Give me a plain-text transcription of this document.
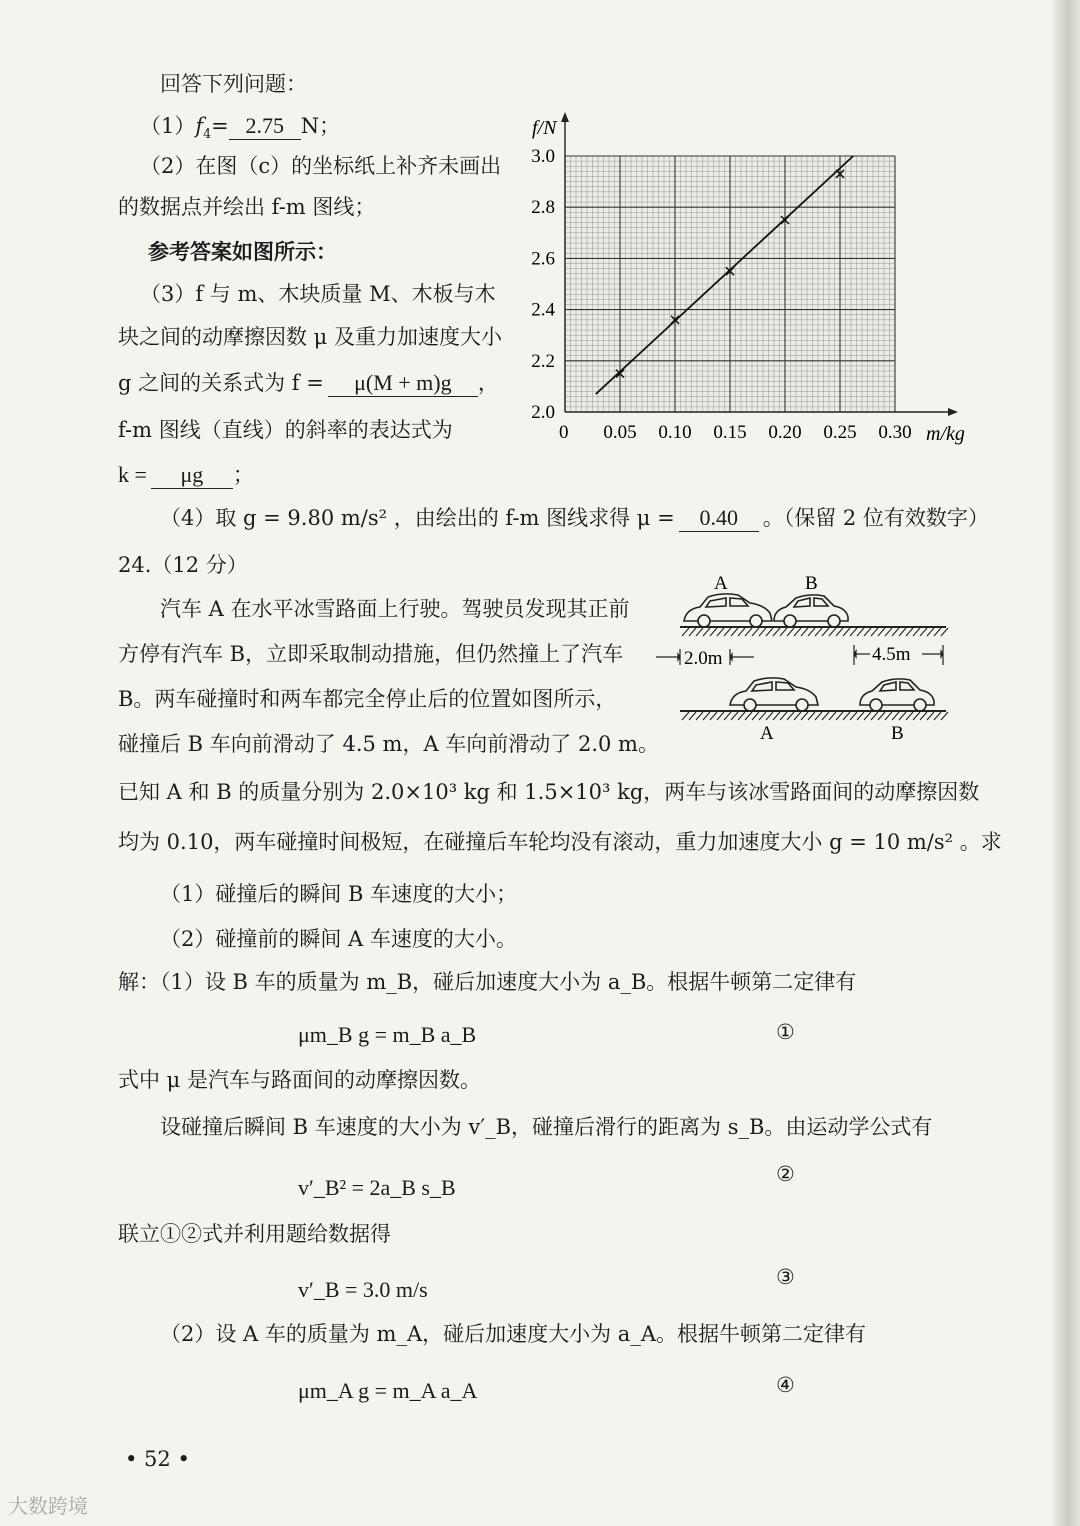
回答下列问题：
$(1)f_4= 2.75$ N；
（2）在图（c）的坐标纸上补齐未画出
的数据点并绘出 f-m 图线；
参考答案如图所示：
（3）f 与 m、木块质量 M、木板与木
块之间的动摩擦因数 μ 及重力加速度大小
g 之间的关系式为 f = μ(M + m)g ，
f-m 图线（直线）的斜率的表达式为
k = μg ；
（4）取 g = 9.80 m/s² ，由绘出的 f-m 图线求得 μ = 0.40 。（保留 2 位有效数字）
0 0.05 0.10 0.15 0.20 0.25 0.30
2.0
2.2
2.4
2.6
2.8
3.0
f/N
m/kg
24.（12 分）
汽车 A 在水平冰雪路面上行驶。驾驶员发现其正前
方停有汽车 B，立即采取制动措施，但仍然撞上了汽车
B。两车碰撞时和两车都完全停止后的位置如图所示，
碰撞后 B 车向前滑动了 4.5 m，A 车向前滑动了 2.0 m。
A	B
2.0m	4.5m
A	B
已知 A 和 B 的质量分别为 2.0×10³ kg 和 1.5×10³ kg，两车与该冰雪路面间的动摩擦因数
均为 0.10，两车碰撞时间极短，在碰撞后车轮均没有滚动，重力加速度大小 g = 10 m/s² 。求
（1）碰撞后的瞬间 B 车速度的大小；
（2）碰撞前的瞬间 A 车速度的大小。
解：（1）设 B 车的质量为 m_B，碰后加速度大小为 a_B。根据牛顿第二定律有
μm_B g = m_B a_B	①
式中 μ 是汽车与路面间的动摩擦因数。
设碰撞后瞬间 B 车速度的大小为 v′_B，碰撞后滑行的距离为 s_B。由运动学公式有
v′_B² = 2a_B s_B
②
联立①②式并利用题给数据得
v′_B = 3.0 m/s	③
（2）设 A 车的质量为 m_A，碰后加速度大小为 a_A。根据牛顿第二定律有
μm_A g = m_A a_A	④
• 52 •
大数跨境
